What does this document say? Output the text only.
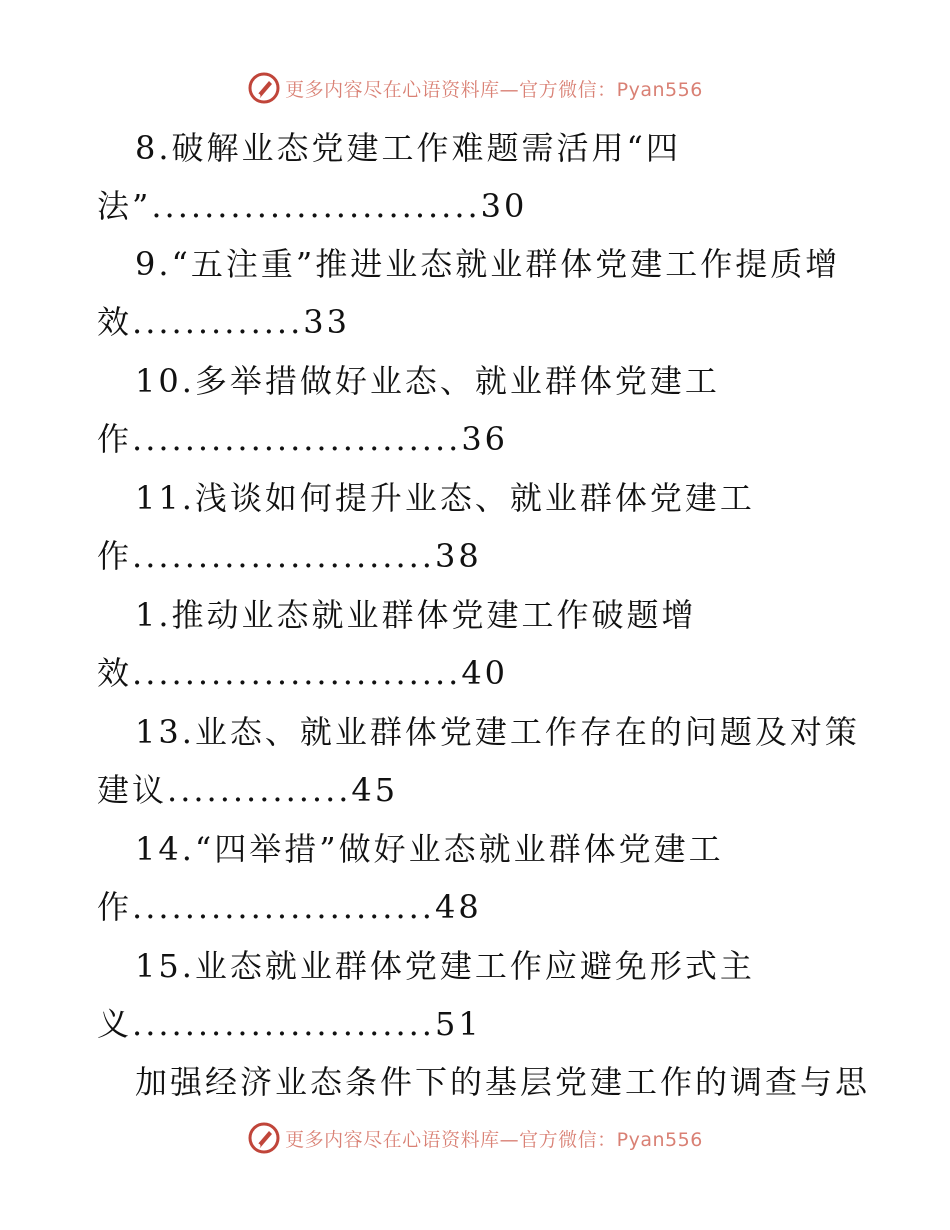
更多内容尽在心语资料库—官方微信：Pyan556
8.破解业态党建工作难题需活用“四
法”.........................30
9.“五注重”推进业态就业群体党建工作提质增
效.............33
10.多举措做好业态、就业群体党建工
作.........................36
11.浅谈如何提升业态、就业群体党建工
作.......................38
1.推动业态就业群体党建工作破题增
效.........................40
13.业态、就业群体党建工作存在的问题及对策
建议..............45
14.“四举措”做好业态就业群体党建工
作.......................48
15.业态就业群体党建工作应避免形式主
义.......................51
加强经济业态条件下的基层党建工作的调查与思
更多内容尽在心语资料库—官方微信：Pyan556
